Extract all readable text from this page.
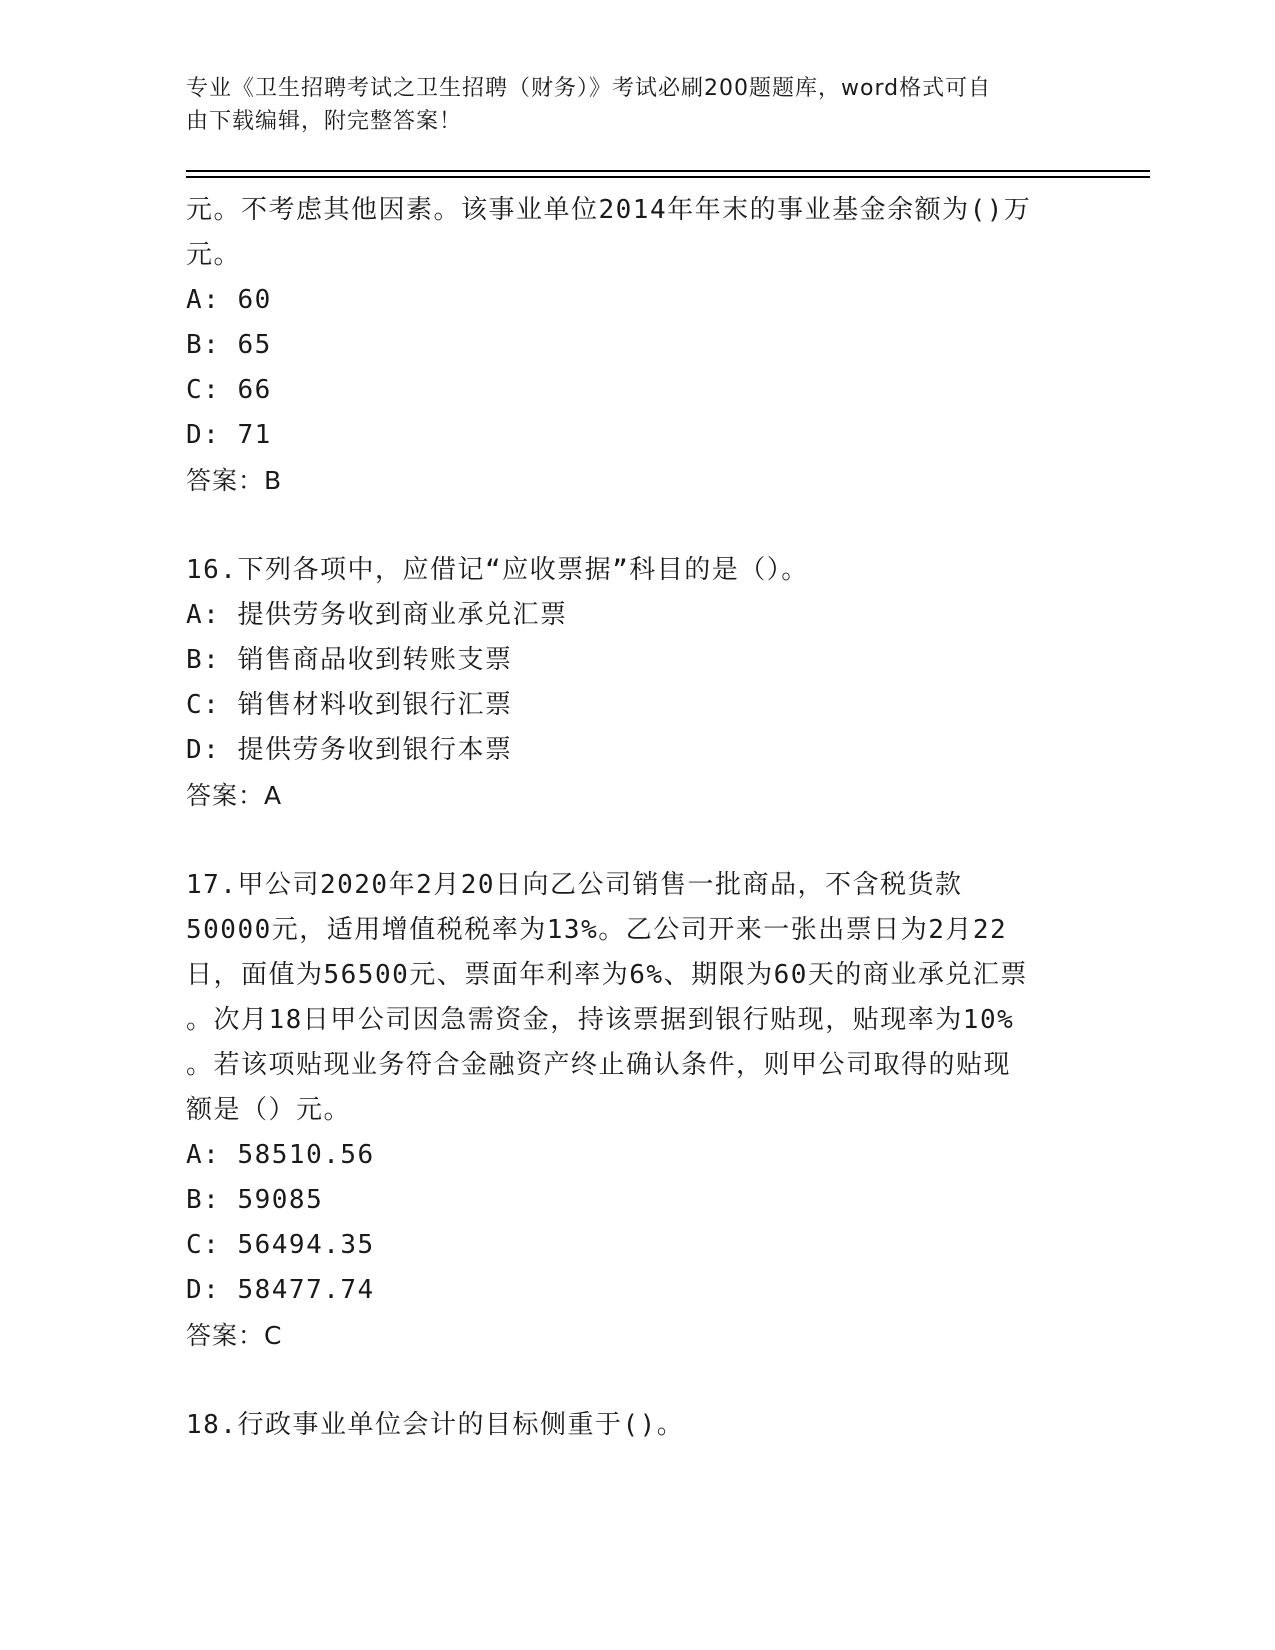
专业《卫生招聘考试之卫生招聘（财务）》考试必刷200题题库，word格式可自
由下载编辑，附完整答案！
元。不考虑其他因素。该事业单位2014年年末的事业基金余额为()万
元。
A: 60
B: 65
C: 66
D: 71
答案：B
16.下列各项中，应借记“应收票据”科目的是（）。
A: 提供劳务收到商业承兑汇票
B: 销售商品收到转账支票
C: 销售材料收到银行汇票
D: 提供劳务收到银行本票
答案：A
17.甲公司2020年2月20日向乙公司销售一批商品，不含税货款
50000元，适用增值税税率为13%。乙公司开来一张出票日为2月22
日，面值为56500元、票面年利率为6%、期限为60天的商业承兑汇票
。次月18日甲公司因急需资金，持该票据到银行贴现，贴现率为10%
。若该项贴现业务符合金融资产终止确认条件，则甲公司取得的贴现
额是（）元。
A: 58510.56
B: 59085
C: 56494.35
D: 58477.74
答案：C
18.行政事业单位会计的目标侧重于()。
